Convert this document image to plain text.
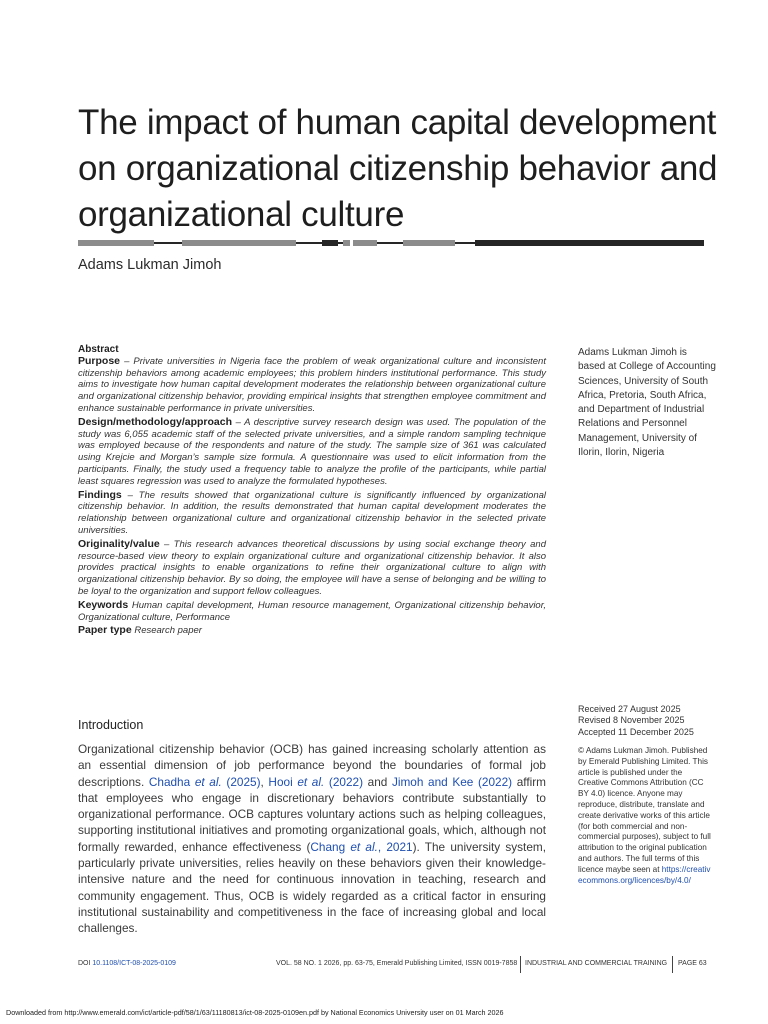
The impact of human capital development
on organizational citizenship behavior and
organizational culture
Adams Lukman Jimoh
Abstract

Purpose – Private universities in Nigeria face the problem of weak organizational culture and inconsistent citizenship behaviors among academic employees; this problem hinders institutional performance. This study aims to investigate how human capital development moderates the relationship between organizational culture and organizational citizenship behavior, providing empirical insights that strengthen employee commitment and enhance sustainable performance in private universities.

Design/methodology/approach – A descriptive survey research design was used. The population of the study was 6,055 academic staff of the selected private universities, and a simple random sampling technique was employed because of the respondents and nature of the study. The sample size of 361 was calculated using Krejcie and Morgan’s sample size formula. A questionnaire was used to elicit information from the participants. Finally, the study used a frequency table to analyze the profile of the participants, while partial least squares regression was used to analyze the formulated hypotheses.

Findings – The results showed that organizational culture is significantly influenced by organizational citizenship behavior. In addition, the results demonstrated that human capital development moderates the relationship between organizational culture and organizational citizenship behavior in the selected private universities.

Originality/value – This research advances theoretical discussions by using social exchange theory and resource-based view theory to explain organizational culture and organizational citizenship behavior. It also provides practical insights to enable organizations to refine their organizational culture to align with organizational citizenship behavior. By so doing, the employee will have a sense of belonging and be willing to be loyal to the organization and support fellow colleagues.

Keywords Human capital development, Human resource management, Organizational citizenship behavior, Organizational culture, Performance

Paper type Research paper

Adams Lukman Jimoh is based at College of Accounting Sciences, University of South Africa, Pretoria, South Africa, and Department of Industrial Relations and Personnel Management, University of Ilorin, Ilorin, Nigeria
Received 27 August 2025
Revised 8 November 2025
Accepted 11 December 2025
© Adams Lukman Jimoh. Published by Emerald Publishing Limited. This article is published under the Creative Commons Attribution (CC BY 4.0) licence. Anyone may reproduce, distribute, translate and create derivative works of this article (for both commercial and non-commercial purposes), subject to full attribution to the original publication and authors. The full terms of this licence maybe seen at https://creativecommons.org/licences/by/4.0/
Introduction
Organizational citizenship behavior (OCB) has gained increasing scholarly attention as an essential dimension of job performance beyond the boundaries of formal job descriptions. Chadha et al. (2025), Hooi et al. (2022) and Jimoh and Kee (2022) affirm that employees who engage in discretionary behaviors contribute substantially to organizational performance. OCB captures voluntary actions such as helping colleagues, supporting institutional initiatives and promoting organizational goals, which, although not formally rewarded, enhance effectiveness (Chang et al., 2021). The university system, particularly private universities, relies heavily on these behaviors given their knowledge-intensive nature and the need for continuous innovation in teaching, research and community engagement. Thus, OCB is widely regarded as a critical factor in ensuring institutional sustainability and competitiveness in the face of increasing global and local challenges.
DOI 10.1108/ICT-08-2025-0109	VOL. 58 NO. 1 2026, pp. 63-75, Emerald Publishing Limited, ISSN 0019-7858 INDUSTRIAL AND COMMERCIAL TRAINING PAGE 63
Downloaded from http://www.emerald.com/ict/article-pdf/58/1/63/11180813/ict-08-2025-0109en.pdf by National Economics University user on 01 March 2026
